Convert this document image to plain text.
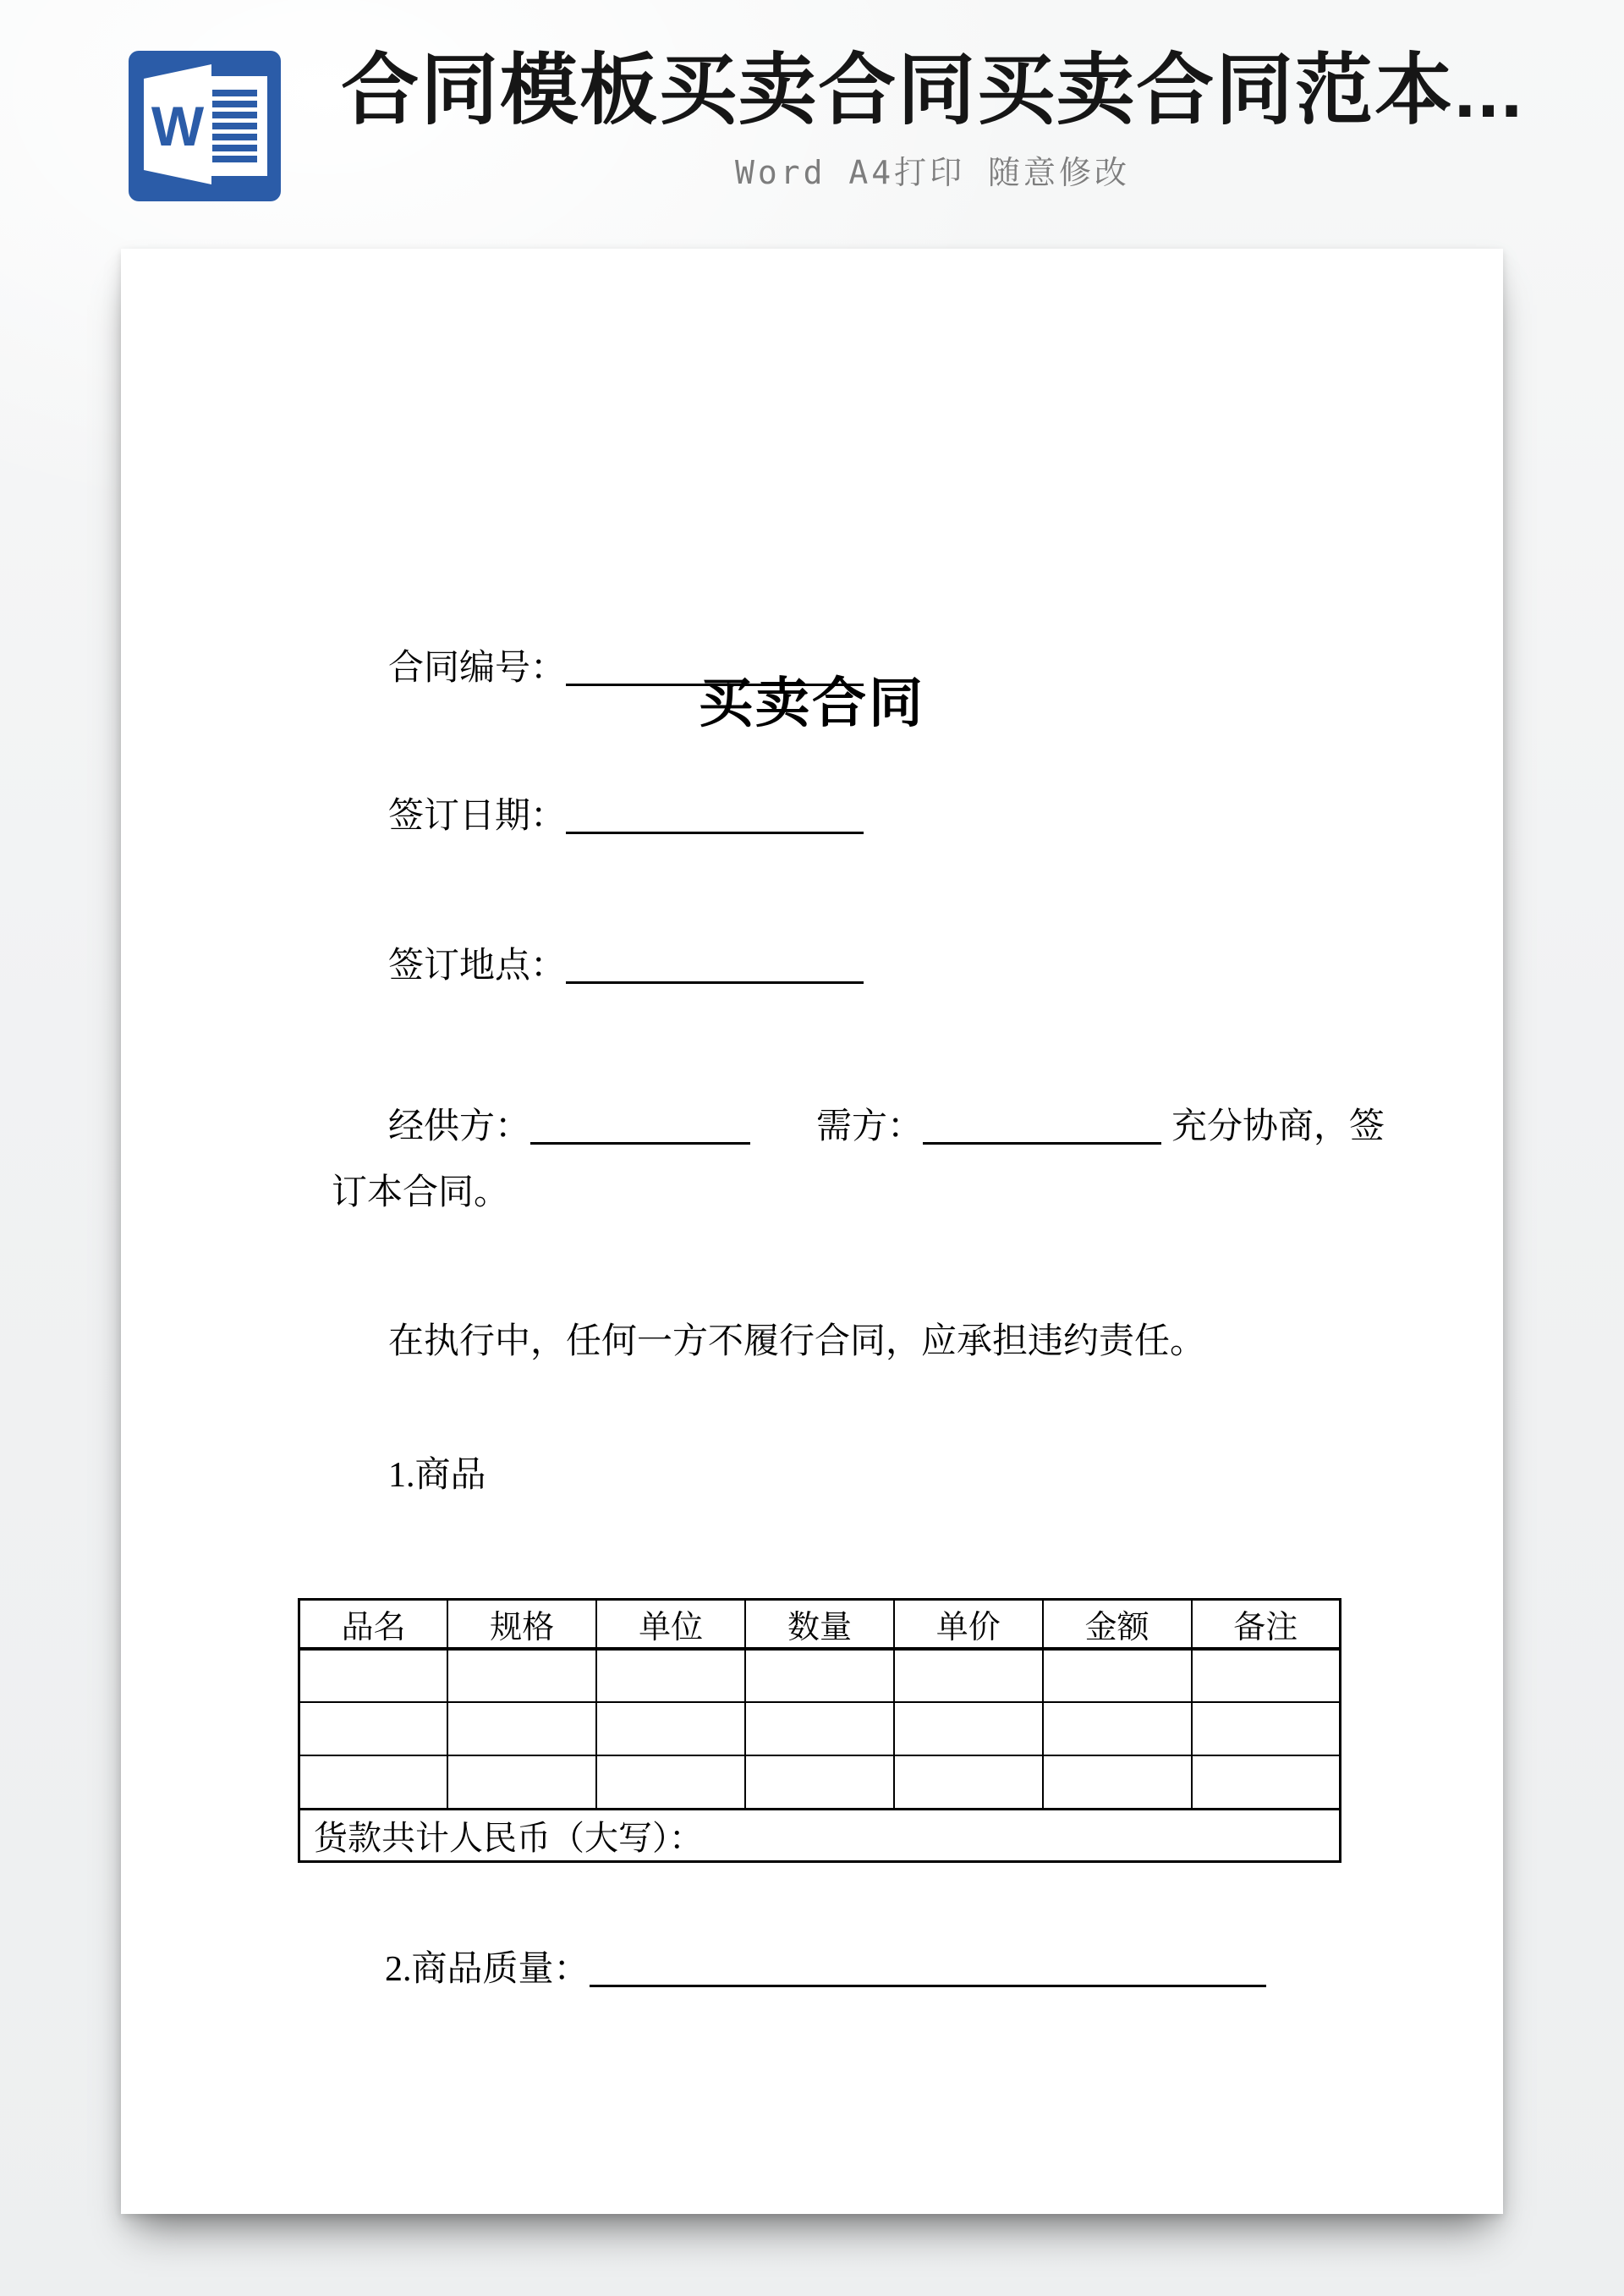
W	合同模板买卖合同买卖合同范本...
Word A4打印 随意修改
买卖合同
合同编号：
签订日期：
签订地点：
经供方：	需方：	充分协商，签
订本合同。
在执行中，任何一方不履行合同，应承担违约责任。
1.商品
品名	规格	单位	数量	单价	金额	备注

货款共计人民币（大写）：						
2.商品质量：
